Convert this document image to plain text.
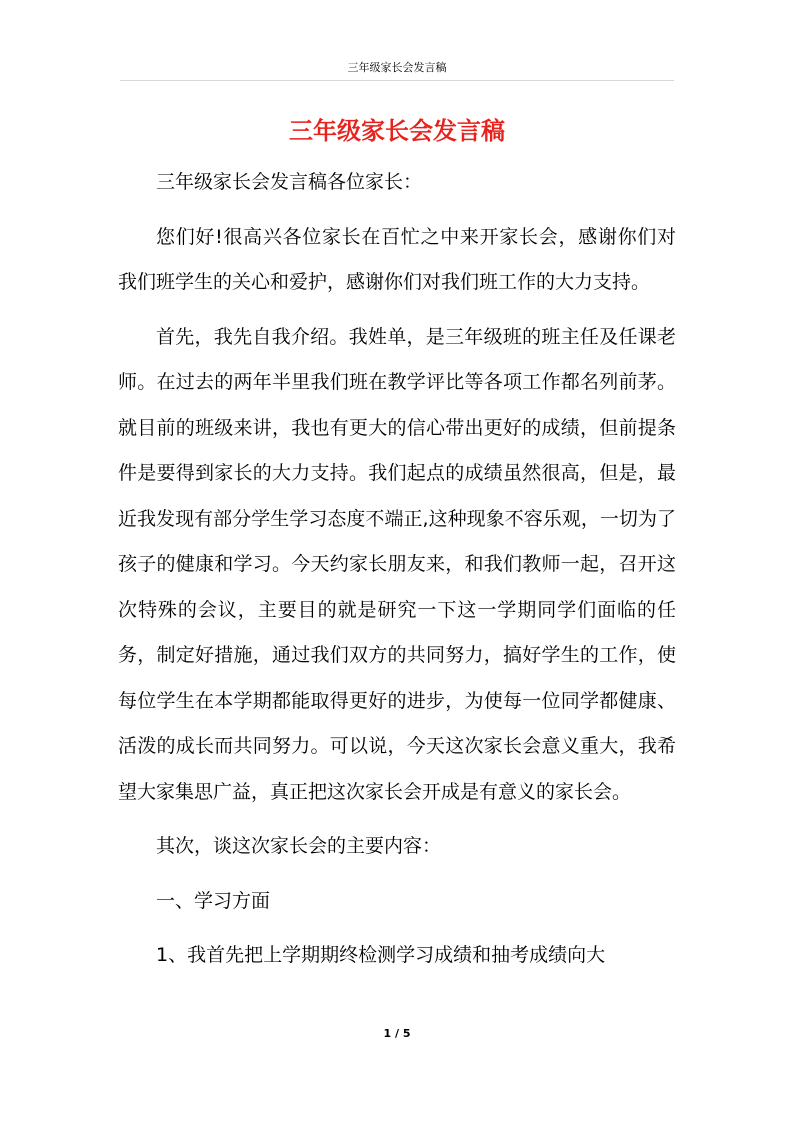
三年级家长会发言稿
三年级家长会发言稿

三年级家长会发言稿各位家长：

您们好!很高兴各位家长在百忙之中来开家长会，感谢你们对我们班学生的关心和爱护，感谢你们对我们班工作的大力支持。

首先，我先自我介绍。我姓单，是三年级班的班主任及任课老师。在过去的两年半里我们班在教学评比等各项工作都名列前茅。就目前的班级来讲，我也有更大的信心带出更好的成绩，但前提条件是要得到家长的大力支持。我们起点的成绩虽然很高，但是，最近我发现有部分学生学习态度不端正,这种现象不容乐观，一切为了孩子的健康和学习。今天约家长朋友来，和我们教师一起，召开这次特殊的会议，主要目的就是研究一下这一学期同学们面临的任务，制定好措施，通过我们双方的共同努力，搞好学生的工作，使每位学生在本学期都能取得更好的进步，为使每一位同学都健康、活泼的成长而共同努力。可以说，今天这次家长会意义重大，我希望大家集思广益，真正把这次家长会开成是有意义的家长会。

其次，谈这次家长会的主要内容：

一、学习方面

1、我首先把上学期期终检测学习成绩和抽考成绩向大

1 / 5
